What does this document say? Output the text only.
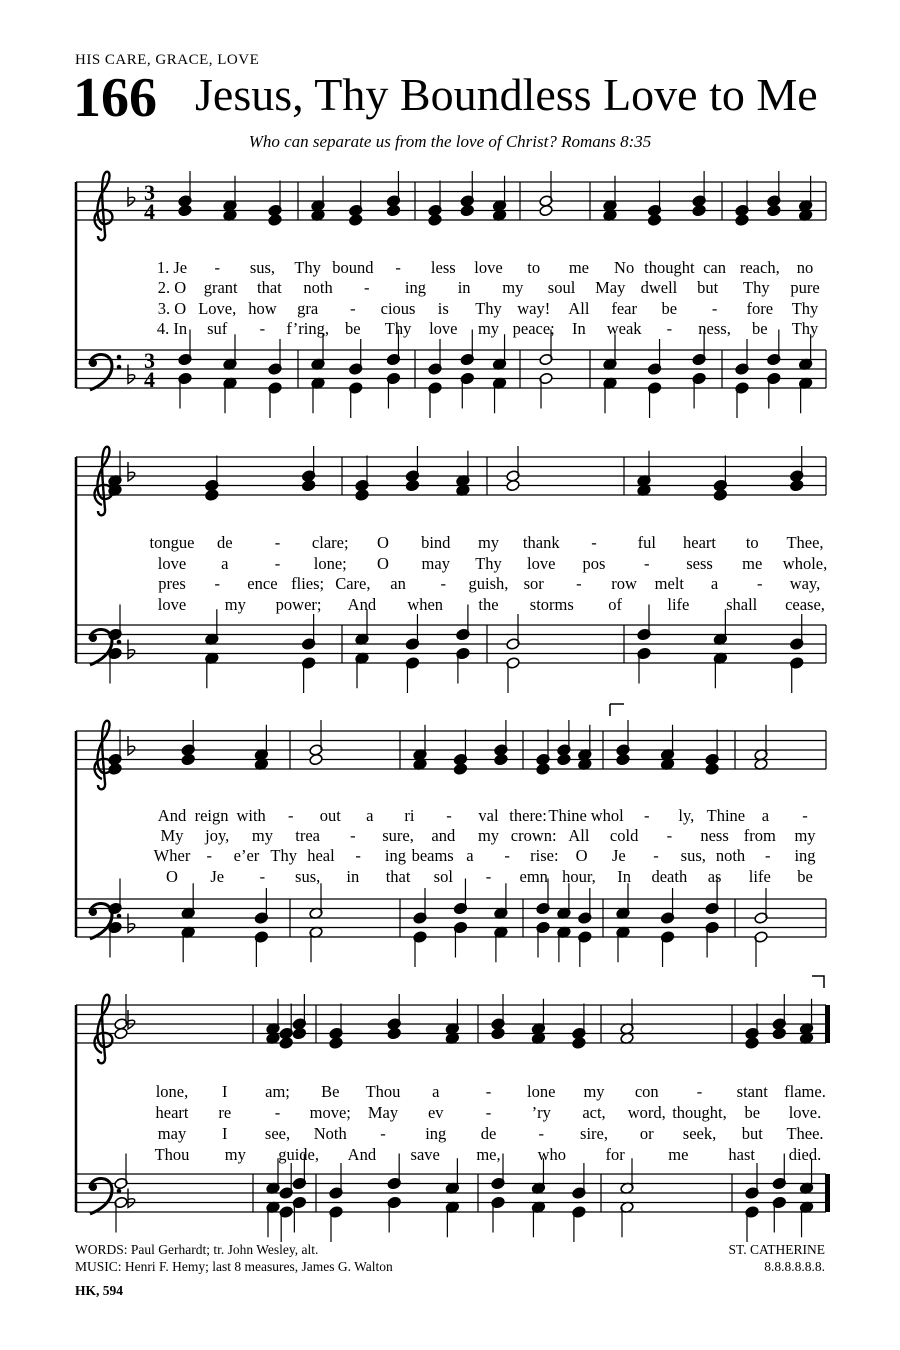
HIS CARE, GRACE, LOVE
166 Jesus, Thy Boundless Love to Me
Who can separate us from the love of Christ? Romans 8:35
3
4
3
4
1. Je - sus, Thy bound - less love to me No thought can reach, no
2. O grant that noth - ing in my soul May dwell but Thy pure
3. O Love, how gra - cious is Thy way! All fear be - fore Thy
4. In suf - f’ring, be Thy love my peace; In weak - ness, be Thy
tongue de	- clare; O bind my thank - ful heart to Thee,
love a	- lone; O may Thy love pos - sess me whole,
pres - ence flies; Care, an - guish, sor - row melt a - way,
love my power; And when the storms of	life shall cease,
And reign with - out a ri - val there: Thine whol - ly, Thine a -
My joy, my trea - sure, and my crown: All cold - ness from my
Wher - e’er Thy heal - ing beams a - rise: O Je - sus, noth - ing
O Je - sus, in that sol - emn hour, In death as life be
lone, I am; Be Thou a	- lone my con - stant flame.
heart re	- move; May ev	- ’ry act, word, thought, be love.
may I see, Noth - ing de	- sire, or seek, but Thee.
Thou my guide, And save me, who for	me hast died.
WORDS: Paul Gerhardt; tr. John Wesley, alt.
MUSIC: Henri F. Hemy; last 8 measures, James G. Walton
ST. CATHERINE
8.8.8.8.8.8.
HK, 594
